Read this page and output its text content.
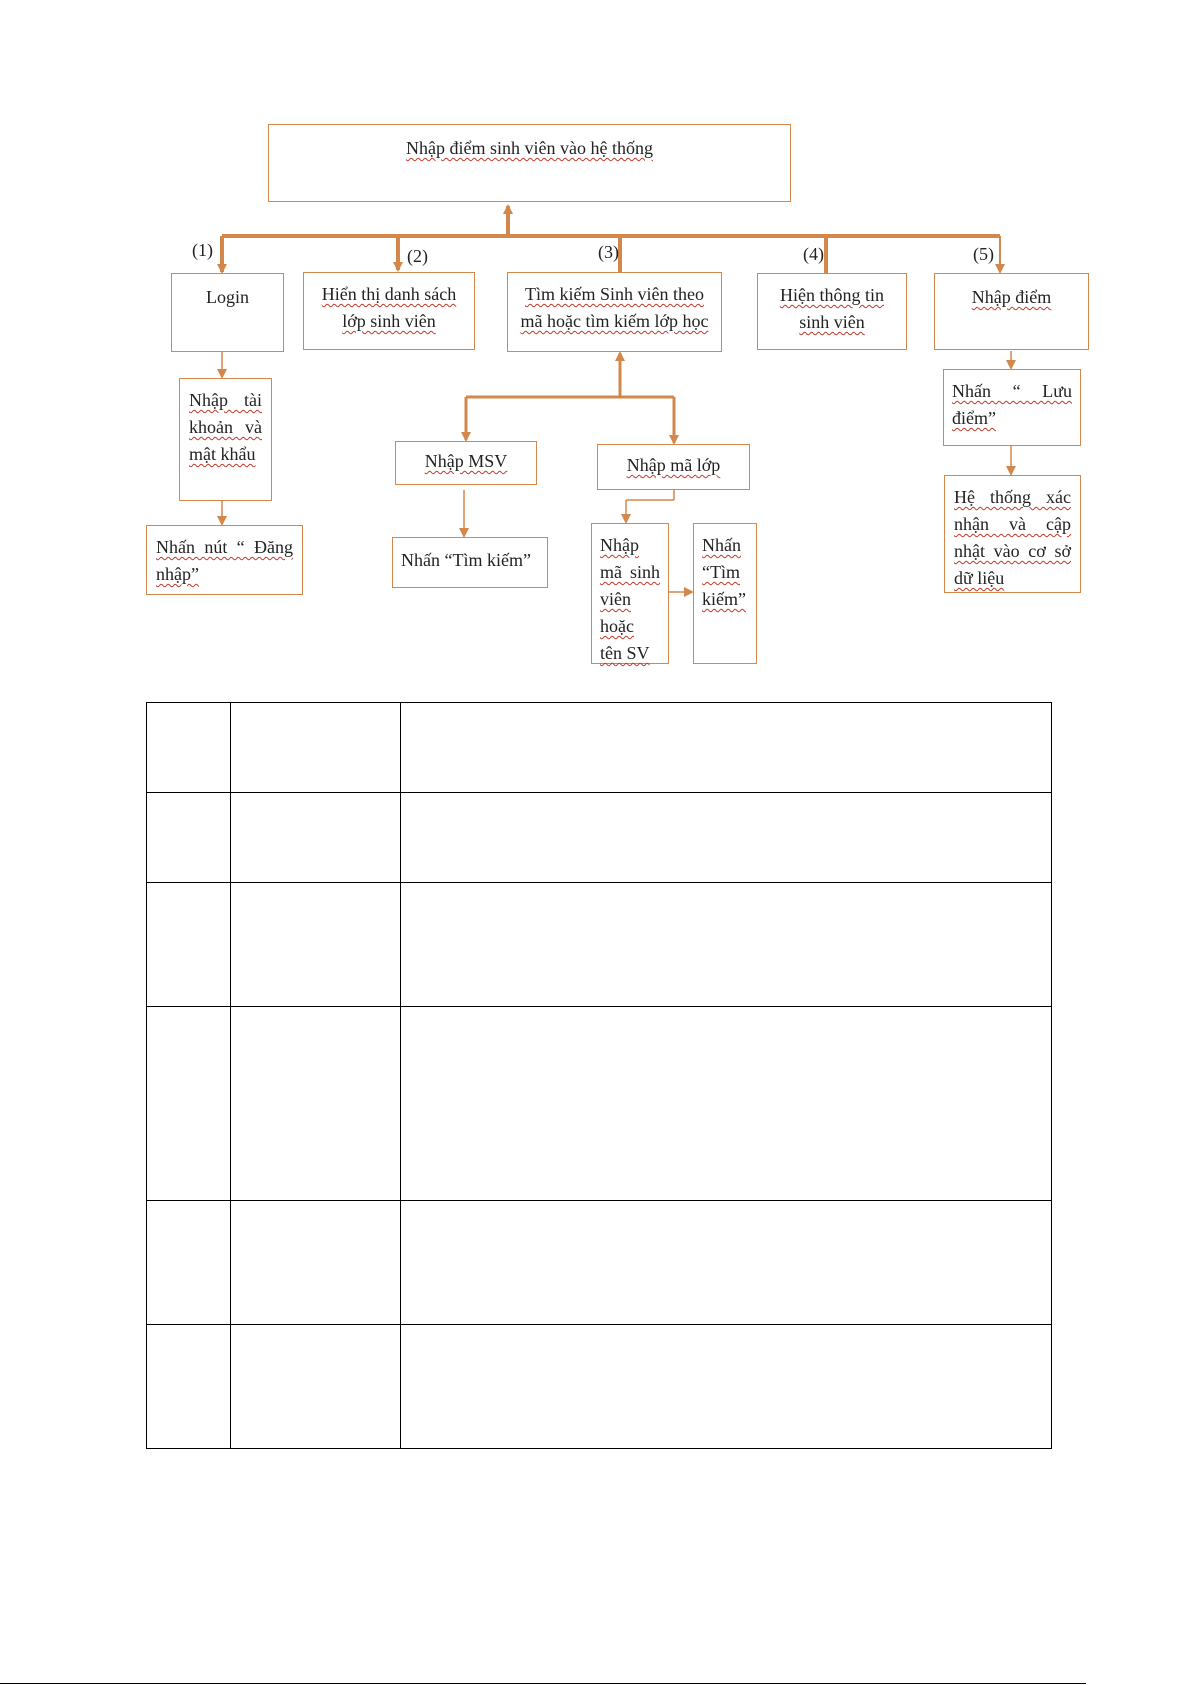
Nhập điểm sinh viên vào hệ thống
(1)	(2)	(3)	(4)	(5)
Login	Hiển thị danh sách lớp sinh viên
Tìm kiếm Sinh viên theo mã hoặc tìm kiếm lớp học
Hiện thông tin sinh viên
Nhập điểm
Nhập tài khoản và mật khẩu
Nhấn nút “ Đăng nhập”
Nhập MSV
Nhấn “Tìm kiếm”
Nhập mã lớp
Nhập mã sinh viên hoặc tên SV
Nhấn “Tìm kiếm”
Nhấn “ Lưu điểm”
Hệ thống xác nhận và cập nhật vào cơ sở dữ liệu
